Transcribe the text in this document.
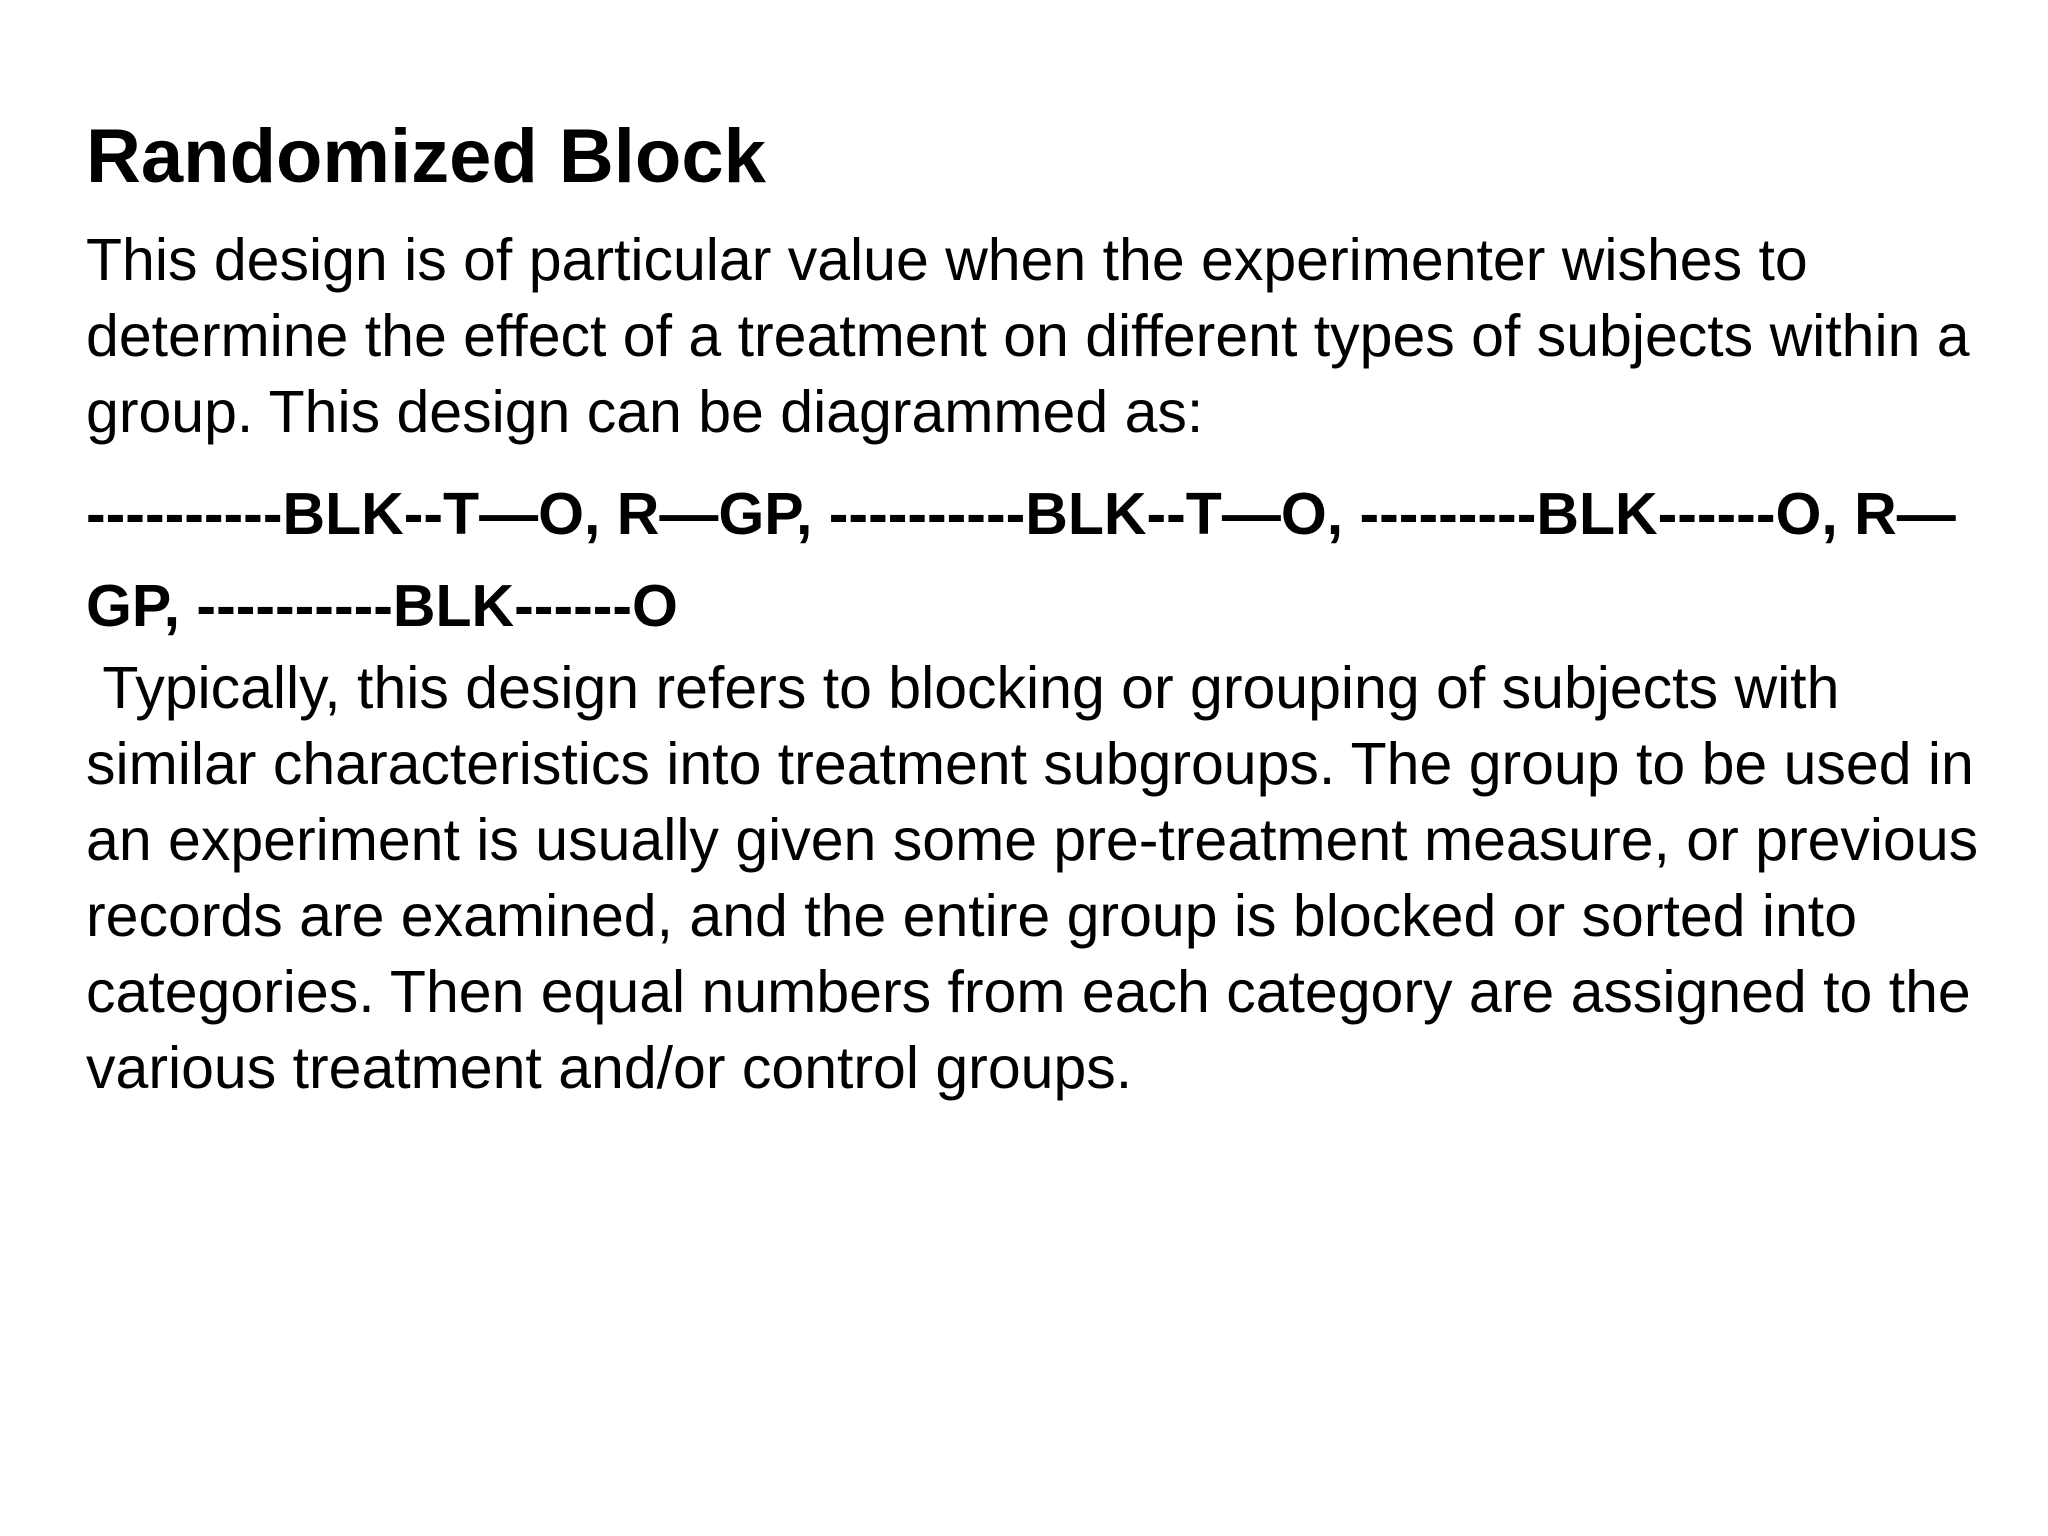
Randomized Block

This design is of particular value when the experimenter wishes to determine the effect of a treatment on different types of subjects within a group. This design can be diagrammed as:

----------BLK--T—O, R—GP, ----------BLK--T—O, ---------BLK------O, R—GP, ----------BLK------O

Typically, this design refers to blocking or grouping of subjects with similar characteristics into treatment subgroups. The group to be used in an experiment is usually given some pre-treatment measure, or previous records are examined, and the entire group is blocked or sorted into categories. Then equal numbers from each category are assigned to the various treatment and/or control groups.
